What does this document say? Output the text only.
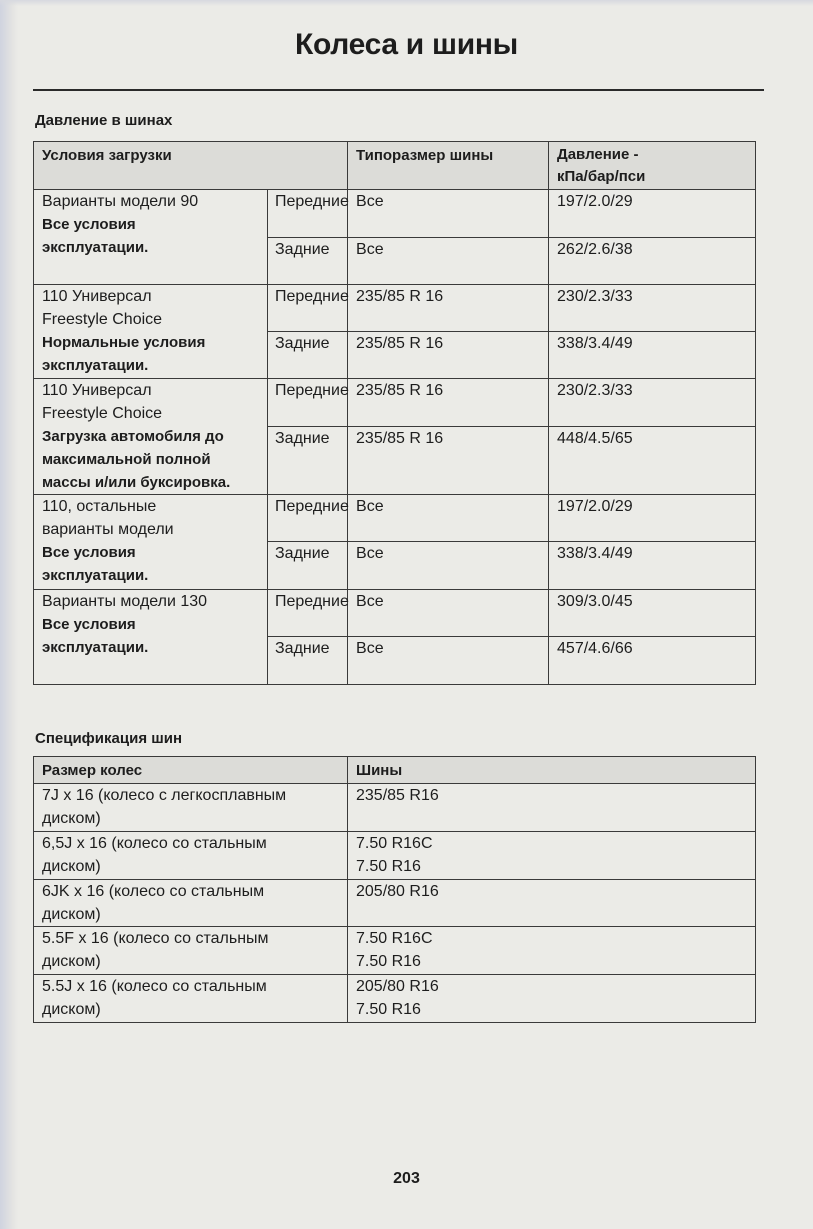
Колеса и шины
Давление в шинах
Условия загрузки		Типоразмер шины	Давление -
кПа/бар/пси
Варианты модели 90
Все условия
эксплуатации.	Передние	Все	197/2.0/29
	Задние	Все	262/2.6/38
110 Универсал
Freestyle Choice
Нормальные условия
эксплуатации.	Передние	235/85 R 16	230/2.3/33
	Задние	235/85 R 16	338/3.4/49
110 Универсал
Freestyle Choice
Загрузка автомобиля до
максимальной полной
массы и/или буксировка.	Передние	235/85 R 16	230/2.3/33
	Задние	235/85 R 16	448/4.5/65
110, остальные
варианты модели
Все условия
эксплуатации.	Передние	Все	197/2.0/29
	Задние	Все	338/3.4/49
Варианты модели 130
Все условия
эксплуатации.	Передние	Все	309/3.0/45
	Задние	Все	457/4.6/66
Спецификация шин
Размер колес	Шины
7J x 16 (колесо с легкосплавным
диском)	235/85 R16
6,5J x 16 (колесо со стальным
диском)	7.50 R16C
7.50 R16
6JK x 16 (колесо со стальным
диском)	205/80 R16
5.5F x 16 (колесо со стальным
диском)	7.50 R16C
7.50 R16
5.5J x 16 (колесо со стальным
диском)	205/80 R16
7.50 R16
203
